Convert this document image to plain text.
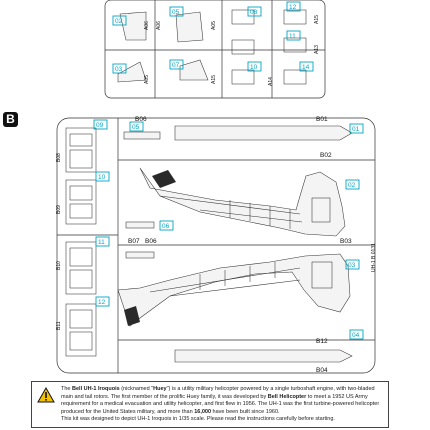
02
05	08
12
11
03
07	10	14
A06 A06	A05
A15
A13
A05	A15	A14
09	05	01
10
02
06
11
12
03
04
B06	B01
B08	B02
B09
B07 B06	B03
B04
B10
B11
B12
UH-1 B 0131
B

The Bell UH-1 Iroquois (nicknamed "Huey") is a utility military helicopter powered by a single turboshaft engine, with two-bladed main and tail rotors. The first member of the prolific Huey family, it was developed by Bell Helicopter to meet a 1952 US Army requirement for a medical evacuation and utility helicopter, and first flew in 1956. The UH-1 was the first turbine-powered helicopter produced for the United States military, and more than 16,000 have been built since 1960.

This kit was designed to depict UH-1 Iroquois in 1/35 scale. Please read the instructions carefully before starting.
